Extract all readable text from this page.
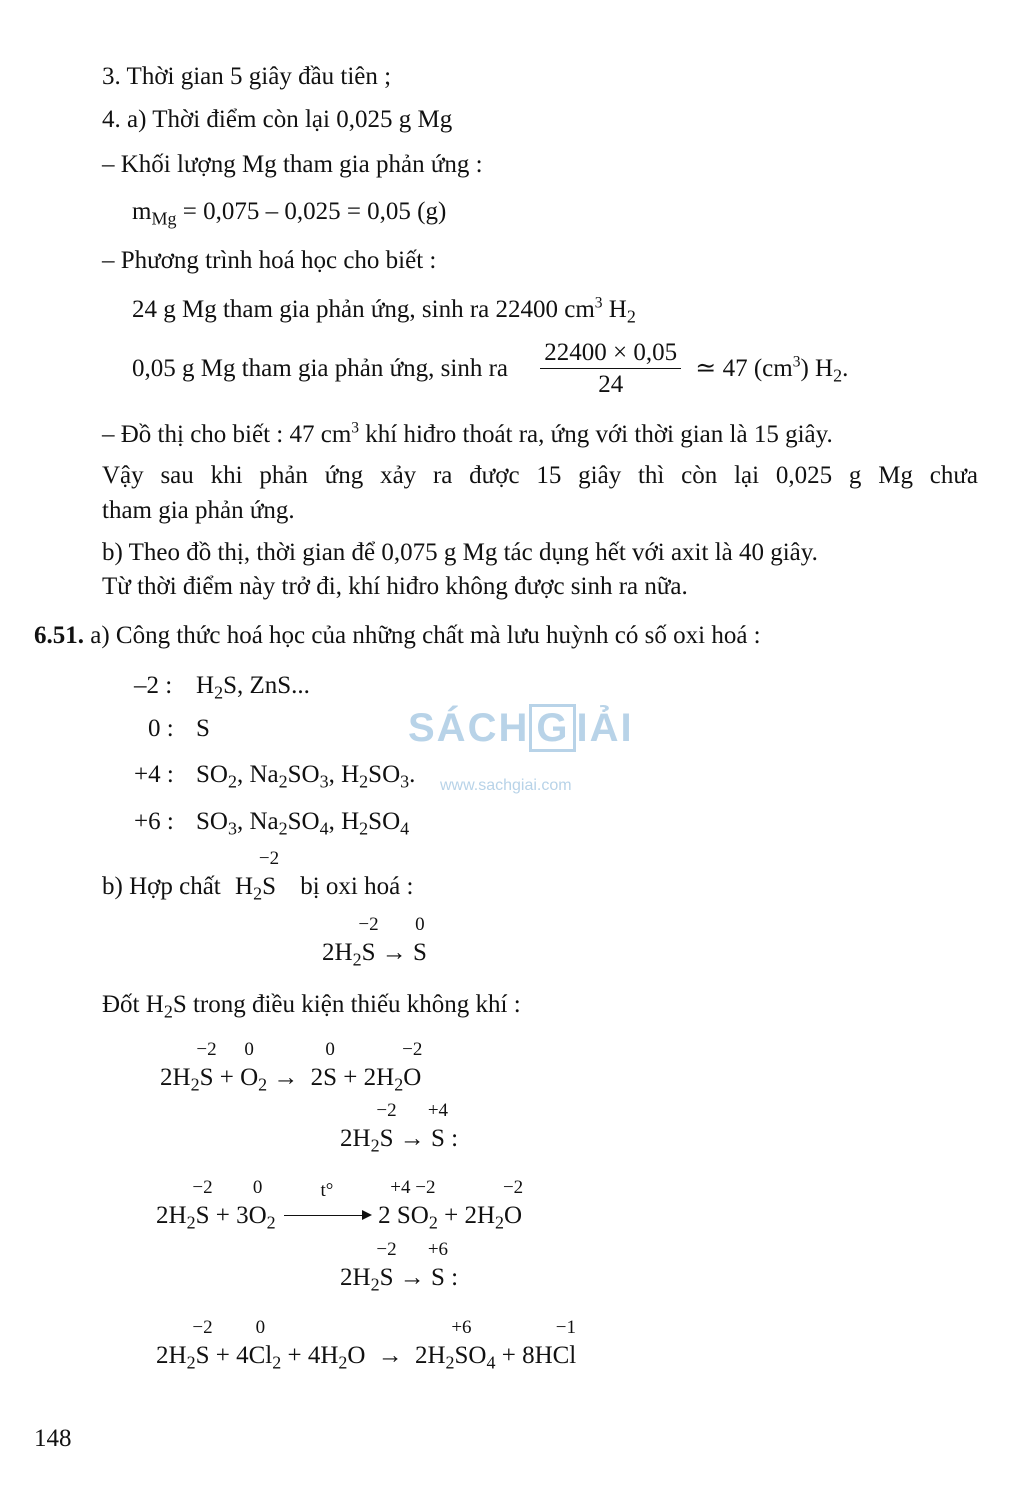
3. Thời gian 5 giây đầu tiên ;
4. a) Thời điểm còn lại 0,025 g Mg
– Khối lượng Mg tham gia phản ứng :
$m_{Mg} = 0,075 - 0,025 = 0,05$ (g)
– Phương trình hoá học cho biết :
24 g Mg tham gia phản ứng, sinh ra 22400 $cm^3$ $H_2$
0,05 g Mg tham gia phản ứng, sinh ra $\frac{22400 \times 0,05}{24}$ ≃ 47 $(cm^3)$ $H_2$.
– Đồ thị cho biết : 47 $cm^3$ khí hiđro thoát ra, ứng với thời gian là 15 giây.
Vậy sau khi phản ứng xảy ra được 15 giây thì còn lại 0,025 g Mg chưa
tham gia phản ứng.
b) Theo đồ thị, thời gian để 0,075 g Mg tác dụng hết với axit là 40 giây.
Từ thời điểm này trở đi, khí hiđro không được sinh ra nữa.
6.51. a) Công thức hoá học của những chất mà lưu huỳnh có số oxi hoá :
–2 : $H_2S$, ZnS...
0 : S
+4 : $SO_2$, $Na_2SO_3$, $H_2SO_3$.
+6 : $SO_3$, $Na_2SO_4$, $H_2SO_4$
SÁCH G IẢI
www.sachgiai.com
b) Hợp chất $H_2$
−2
S bị oxi hoá :
$2H_2$
−2
S →
0
S
Đốt $H_2S$ trong điều kiện thiếu không khí :
$2H_2$
−2
S +
0
$O_2 \to 2$
0
$S + 2H_2$
−2
O
$2H_2$
−2
S →
+4
S :
$2H_2$
−2
S + 3
0
$O_2$
t°
2
+4 −2
$SO_2 + 2H_2$
−2
O
$2H_2$
−2
S →
+6
S :
$2H_2$
−2
S + 4
0
$Cl_2 + 4H_2O \to 2H_2$
+6
$SO_4 + 8$
−1
HCl
148
